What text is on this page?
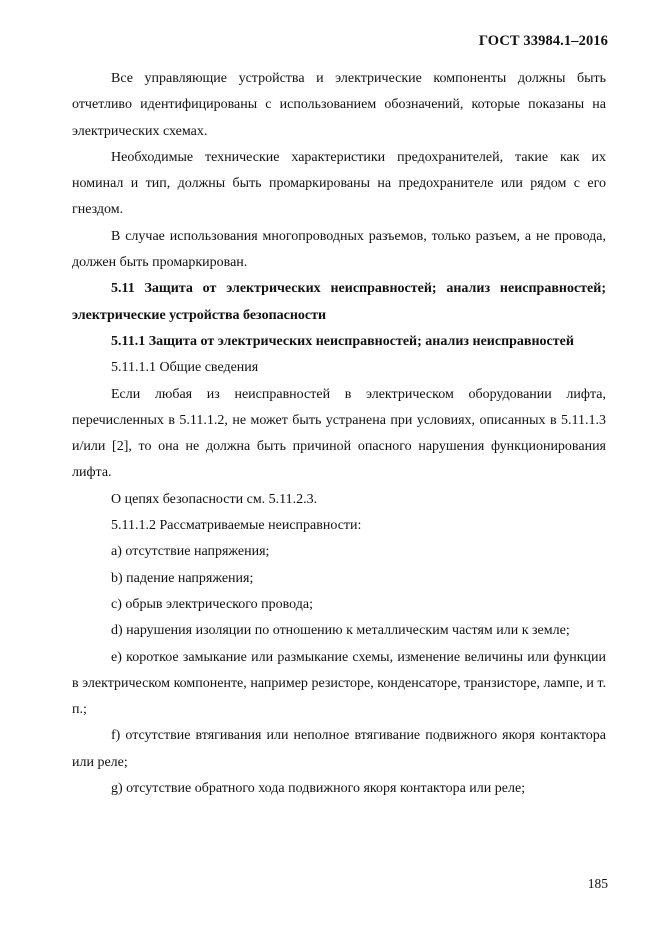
ГОСТ 33984.1–2016

Все управляющие устройства и электрические компоненты должны быть отчетливо идентифицированы с использованием обозначений, которые показаны на электрических схемах.

Необходимые технические характеристики предохранителей, такие как их номинал и тип, должны быть промаркированы на предохранителе или рядом с его гнездом.

В случае использования многопроводных разъемов, только разъем, а не провода, должен быть промаркирован.

5.11 Защита от электрических неисправностей; анализ неисправностей; электрические устройства безопасности

5.11.1 Защита от электрических неисправностей; анализ неисправностей

5.11.1.1 Общие сведения

Если любая из неисправностей в электрическом оборудовании лифта, перечисленных в 5.11.1.2, не может быть устранена при условиях, описанных в 5.11.1.3 и/или [2], то она не должна быть причиной опасного нарушения функционирования лифта.

О цепях безопасности см. 5.11.2.3.

5.11.1.2 Рассматриваемые неисправности:

а) отсутствие напряжения;

b) падение напряжения;

c) обрыв электрического провода;

d) нарушения изоляции по отношению к металлическим частям или к земле;

e) короткое замыкание или размыкание схемы, изменение величины или функции в электрическом компоненте, например резисторе, конденсаторе, транзисторе, лампе, и т. п.;

f) отсутствие втягивания или неполное втягивание подвижного якоря контактора или реле;

g) отсутствие обратного хода подвижного якоря контактора или реле;

185
